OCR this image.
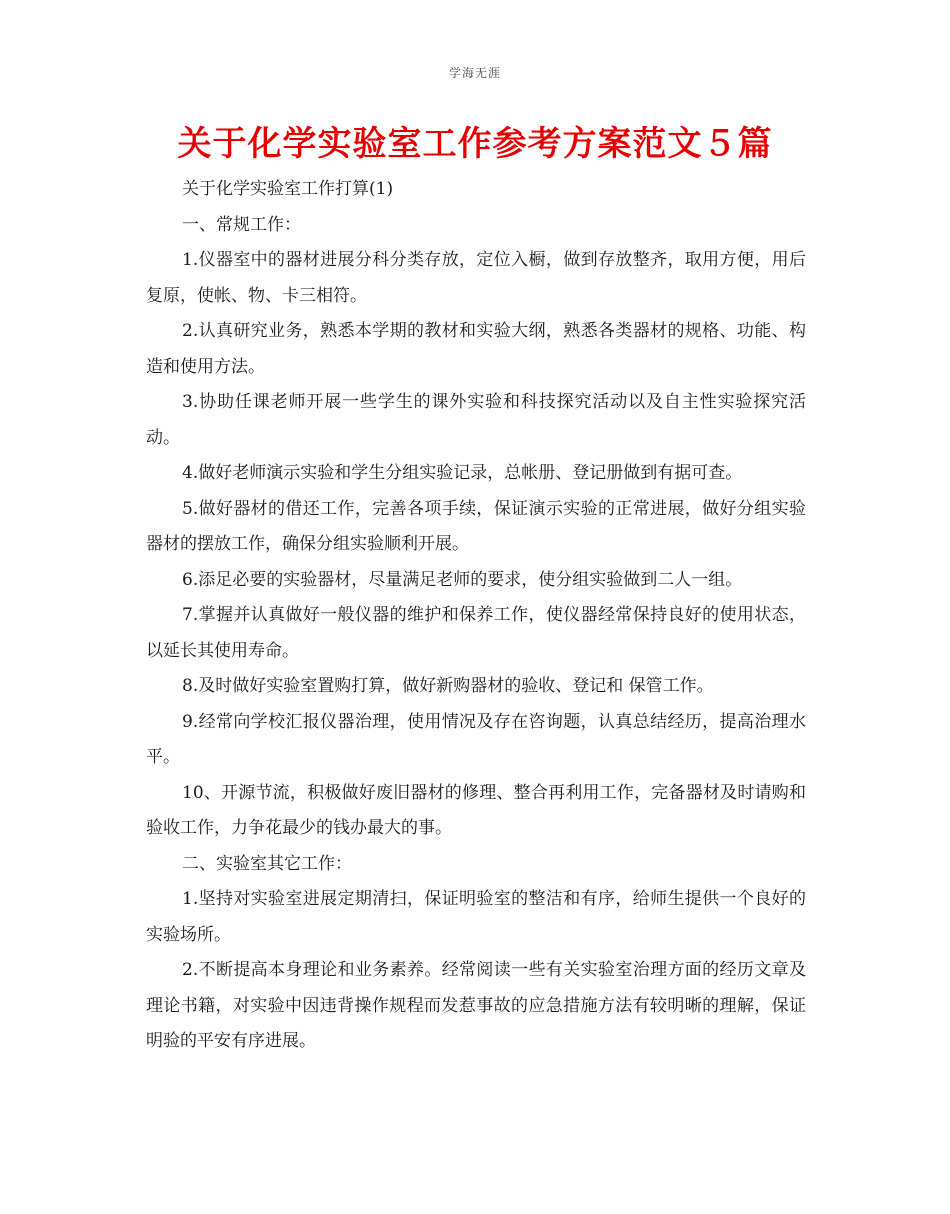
学海无涯
关于化学实验室工作参考方案范文５篇

关于化学实验室工作打算(1)

一、常规工作：

1.仪器室中的器材进展分科分类存放，定位入橱，做到存放整齐，取用方便，用后复原，使帐、物、卡三相符。

2.认真研究业务，熟悉本学期的教材和实验大纲，熟悉各类器材的规格、功能、构造和使用方法。

3.协助任课老师开展一些学生的课外实验和科技探究活动以及自主性实验探究活动。

4.做好老师演示实验和学生分组实验记录，总帐册、登记册做到有据可查。

5.做好器材的借还工作，完善各项手续，保证演示实验的正常进展，做好分组实验器材的摆放工作，确保分组实验顺利开展。

6.添足必要的实验器材，尽量满足老师的要求，使分组实验做到二人一组。

7.掌握并认真做好一般仪器的维护和保养工作，使仪器经常保持良好的使用状态，以延长其使用寿命。

8.及时做好实验室置购打算，做好新购器材的验收、登记和 保管工作。

9.经常向学校汇报仪器治理，使用情况及存在咨询题，认真总结经历，提高治理水平。

10、开源节流，积极做好废旧器材的修理、整合再利用工作，完备器材及时请购和验收工作，力争花最少的钱办最大的事。

二、实验室其它工作：

1.坚持对实验室进展定期清扫，保证明验室的整洁和有序，给师生提供一个良好的实验场所。

2.不断提高本身理论和业务素养。经常阅读一些有关实验室治理方面的经历文章及理论书籍，对实验中因违背操作规程而发惹事故的应急措施方法有较明晰的理解，保证明验的平安有序进展。
